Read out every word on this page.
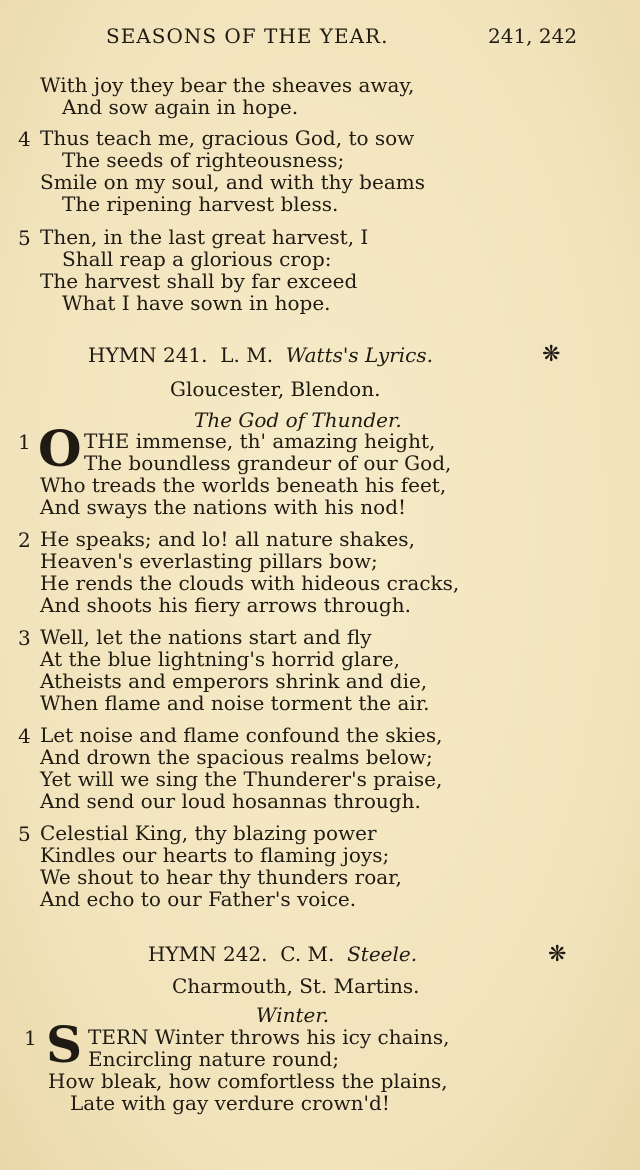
SEASONS OF THE YEAR.	241, 242
With joy they bear the sheaves away,
And sow again in hope.
4 Thus teach me, gracious God, to sow
The seeds of righteousness;
Smile on my soul, and with thy beams
The ripening harvest bless.
5 Then, in the last great harvest, I
Shall reap a glorious crop:
The harvest shall by far exceed
What I have sown in hope.
HYMN 241. L. M. Watts's Lyrics.	❋
Gloucester, Blendon.
The God of Thunder.
1 O THE immense, th' amazing height,
The boundless grandeur of our God,
Who treads the worlds beneath his feet,
And sways the nations with his nod!
2 He speaks; and lo! all nature shakes,
Heaven's everlasting pillars bow;
He rends the clouds with hideous cracks,
And shoots his fiery arrows through.
3 Well, let the nations start and fly
At the blue lightning's horrid glare,
Atheists and emperors shrink and die,
When flame and noise torment the air.
4 Let noise and flame confound the skies,
And drown the spacious realms below;
Yet will we sing the Thunderer's praise,
And send our loud hosannas through.
5 Celestial King, thy blazing power
Kindles our hearts to flaming joys;
We shout to hear thy thunders roar,
And echo to our Father's voice.
HYMN 242. C. M. Steele.	❋
Charmouth, St. Martins.
Winter.
1 S TERN Winter throws his icy chains,
Encircling nature round;
How bleak, how comfortless the plains,
Late with gay verdure crown'd!
